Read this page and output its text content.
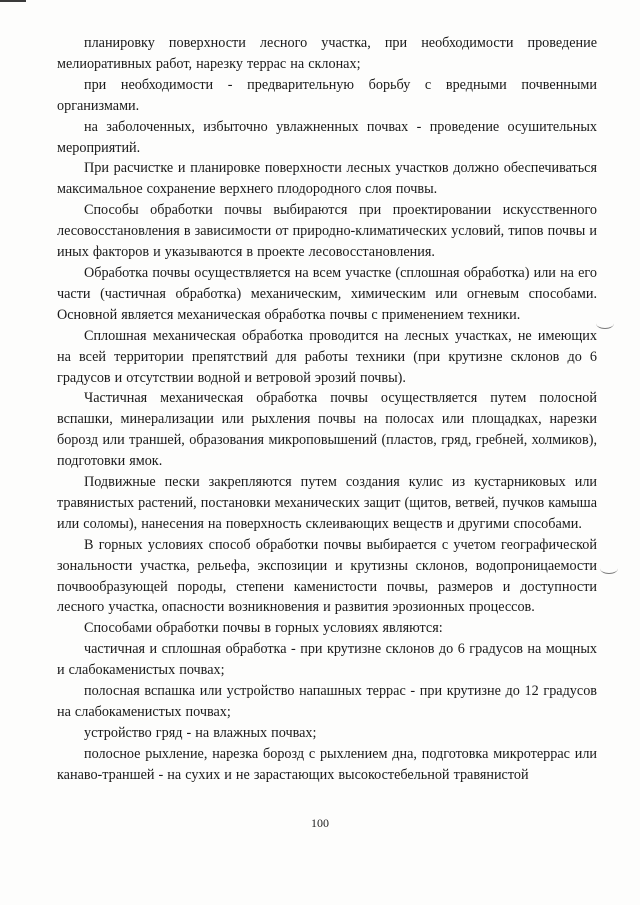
планировку поверхности лесного участка, при необходимости проведение мелиоративных работ, нарезку террас на склонах;

при необходимости - предварительную борьбу с вредными почвенными организмами.

на заболоченных, избыточно увлажненных почвах - проведение осушительных мероприятий.

При расчистке и планировке поверхности лесных участков должно обеспечиваться максимальное сохранение верхнего плодородного слоя почвы.

Способы обработки почвы выбираются при проектировании искусственного лесовосстановления в зависимости от природно-климатических условий, типов почвы и иных факторов и указываются в проекте лесовосстановления.

Обработка почвы осуществляется на всем участке (сплошная обработка) или на его части (частичная обработка) механическим, химическим или огневым способами. Основной является механическая обработка почвы с применением техники.

Сплошная механическая обработка проводится на лесных участках, не имеющих на всей территории препятствий для работы техники (при крутизне склонов до 6 градусов и отсутствии водной и ветровой эрозий почвы).

Частичная механическая обработка почвы осуществляется путем полосной вспашки, минерализации или рыхления почвы на полосах или площадках, нарезки борозд или траншей, образования микроповышений (пластов, гряд, гребней, холмиков), подготовки ямок.

Подвижные пески закрепляются путем создания кулис из кустарниковых или травянистых растений, постановки механических защит (щитов, ветвей, пучков камыша или соломы), нанесения на поверхность склеивающих веществ и другими способами.

В горных условиях способ обработки почвы выбирается с учетом географической зональности участка, рельефа, экспозиции и крутизны склонов, водопроницаемости почвообразующей породы, степени каменистости почвы, размеров и доступности лесного участка, опасности возникновения и развития эрозионных процессов.

Способами обработки почвы в горных условиях являются:

частичная и сплошная обработка - при крутизне склонов до 6 градусов на мощных и слабокаменистых почвах;

полосная вспашка или устройство напашных террас - при крутизне до 12 градусов на слабокаменистых почвах;

устройство гряд - на влажных почвах;

полосное рыхление, нарезка борозд с рыхлением дна, подготовка микротеррас или канаво-траншей - на сухих и не зарастающих высокостебельной травянистой

100
